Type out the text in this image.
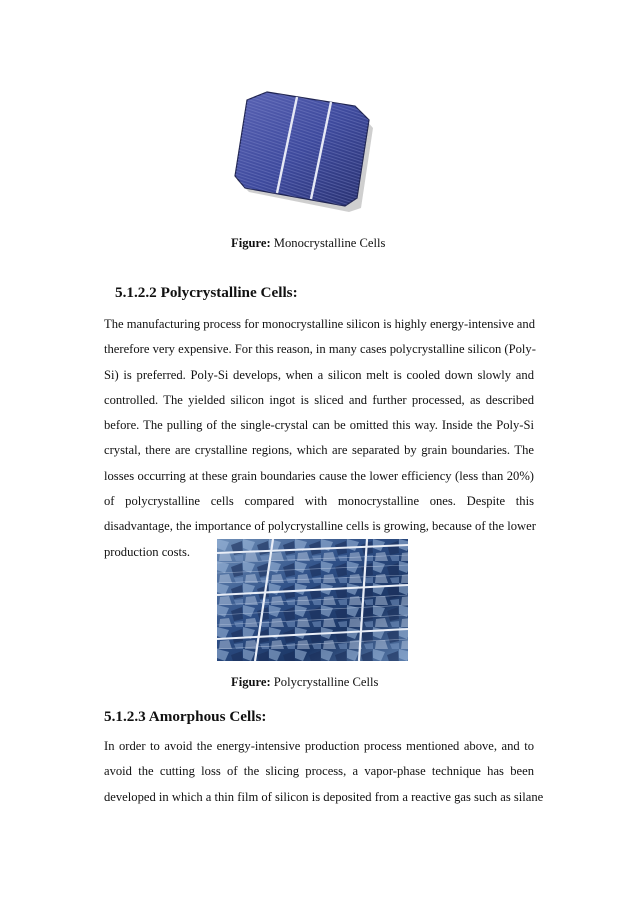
Figure: Monocrystalline Cells
5.1.2.2 Polycrystalline Cells:
The manufacturing process for monocrystalline silicon is highly energy-intensive and
therefore very expensive. For this reason, in many cases polycrystalline silicon (Poly-
Si) is preferred. Poly-Si develops, when a silicon melt is cooled down slowly and
controlled. The yielded silicon ingot is sliced and further processed, as described
before. The pulling of the single-crystal can be omitted this way. Inside the Poly-Si
crystal, there are crystalline regions, which are separated by grain boundaries. The
losses occurring at these grain boundaries cause the lower efficiency (less than 20%)
of polycrystalline cells compared with monocrystalline ones. Despite this
disadvantage, the importance of polycrystalline cells is growing, because of the lower
production costs.
Figure: Polycrystalline Cells
5.1.2.3 Amorphous Cells:
In order to avoid the energy-intensive production process mentioned above, and to
avoid the cutting loss of the slicing process, a vapor-phase technique has been
developed in which a thin film of silicon is deposited from a reactive gas such as silane
